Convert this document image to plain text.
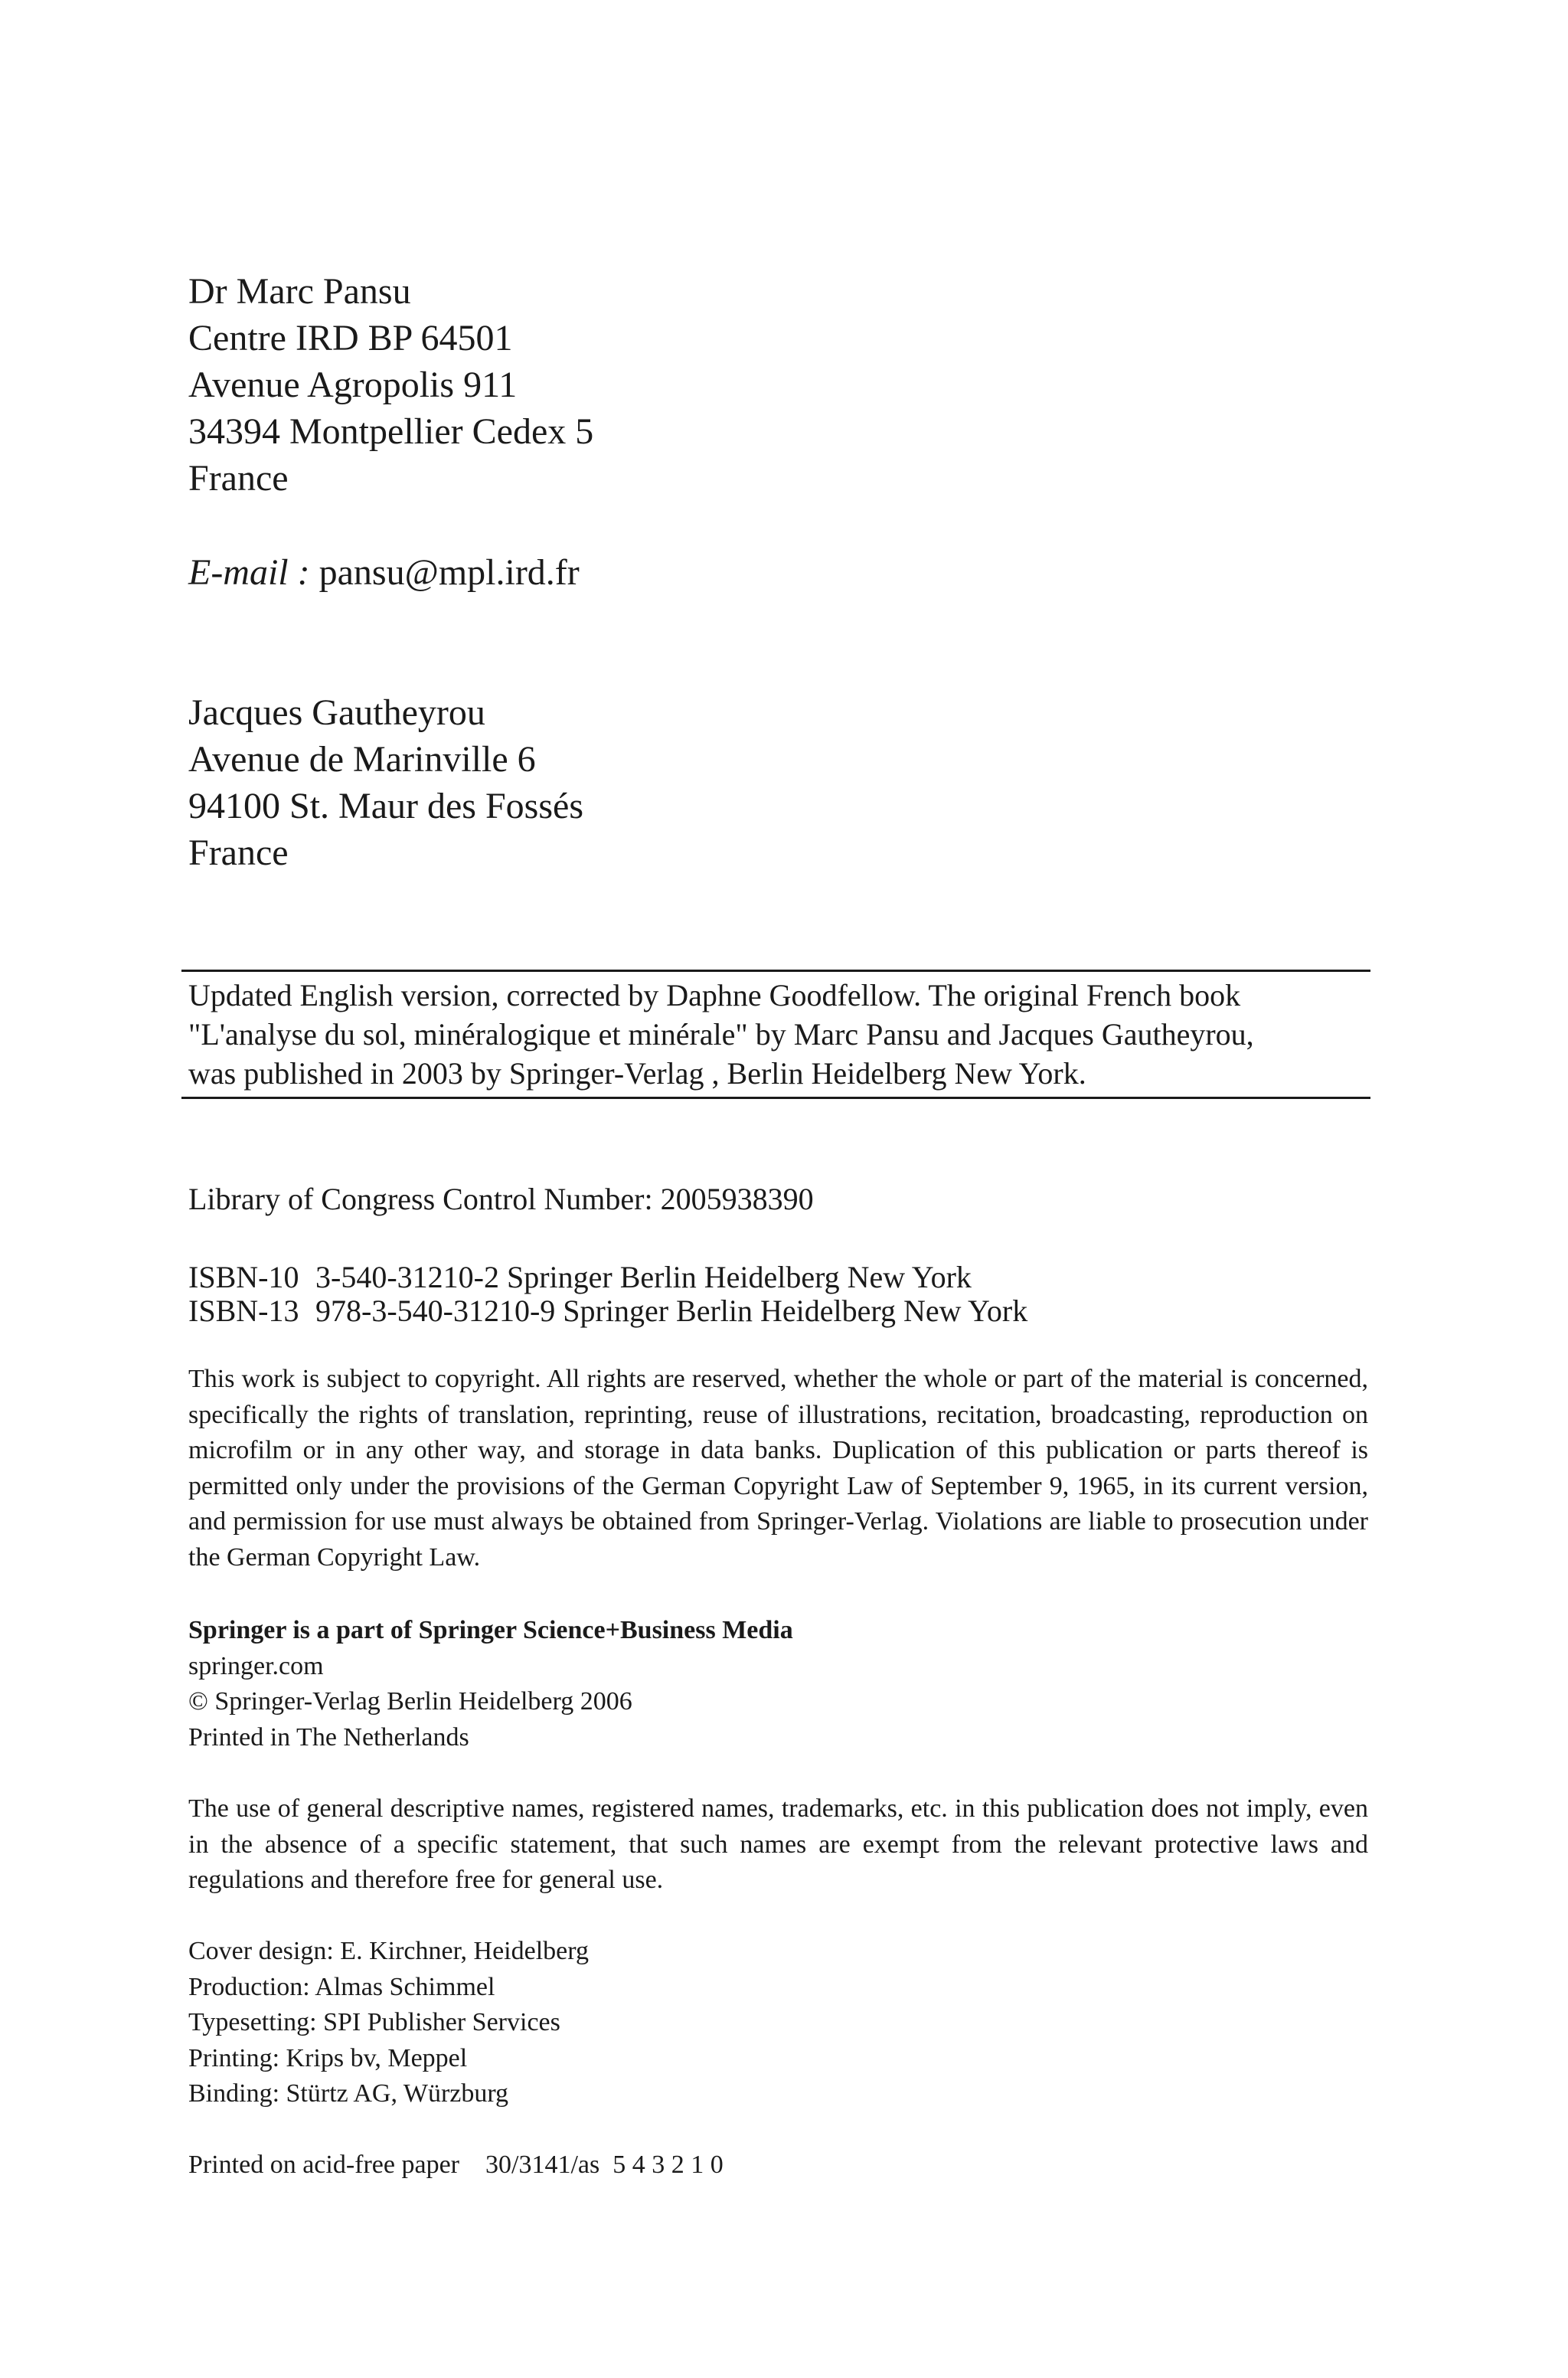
Dr Marc Pansu
Centre IRD BP 64501
Avenue Agropolis 911
34394 Montpellier Cedex 5
France
E-mail : pansu@mpl.ird.fr
Jacques Gautheyrou
Avenue de Marinville 6
94100 St. Maur des Fossés
France
Updated English version, corrected by Daphne Goodfellow. The original French book
"L'analyse du sol, minéralogique et minérale" by Marc Pansu and Jacques Gautheyrou,
was published in 2003 by Springer-Verlag , Berlin Heidelberg New York.
Library of Congress Control Number: 2005938390
ISBN-10 3-540-31210-2 Springer Berlin Heidelberg New York
ISBN-13 978-3-540-31210-9 Springer Berlin Heidelberg New York
This work is subject to copyright. All rights are reserved, whether the whole or part of the material is concerned, specifically the rights of translation, reprinting, reuse of illustrations, recitation, broadcasting, reproduction on microfilm or in any other way, and storage in data banks. Duplication of this publication or parts thereof is permitted only under the provisions of the German Copyright Law of September 9, 1965, in its current version, and permission for use must always be obtained from Springer-Verlag. Violations are liable to prosecution under the German Copyright Law.
Springer is a part of Springer Science+Business Media
springer.com
© Springer-Verlag Berlin Heidelberg 2006
Printed in The Netherlands
The use of general descriptive names, registered names, trademarks, etc. in this publication does not imply, even in the absence of a specific statement, that such names are exempt from the relevant protective laws and regulations and therefore free for general use.
Cover design: E. Kirchner, Heidelberg
Production: Almas Schimmel
Typesetting: SPI Publisher Services
Printing: Krips bv, Meppel
Binding: Stürtz AG, Würzburg
Printed on acid-free paper    30/3141/as  5 4 3 2 1 0
